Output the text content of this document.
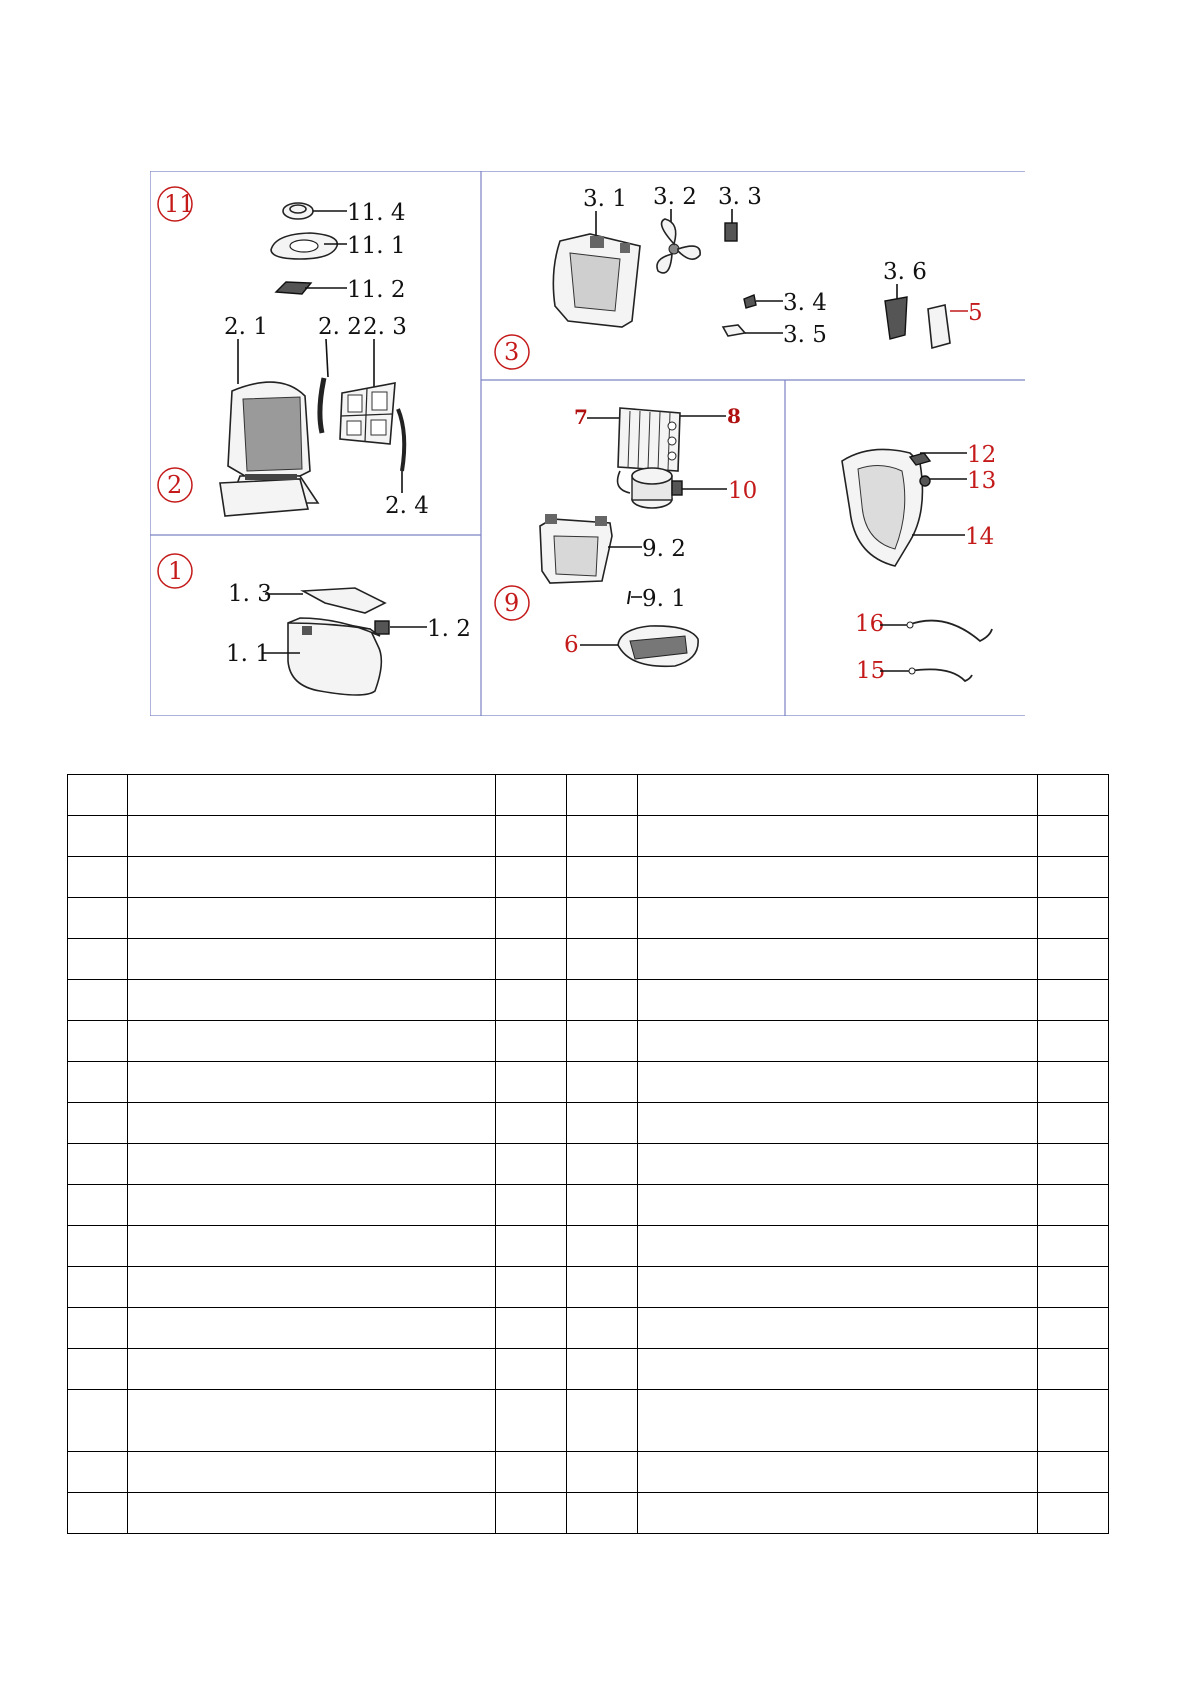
11	11. 4
11. 1
11. 2
2. 1 2. 2 2. 3
2
2. 4
1
1. 3
1. 2
1. 1
3
3. 1 3. 2 3. 3
3. 4
3. 5
3. 6
5
9
7	8
10
9. 2
9. 1
6
14
12
13
16
15
